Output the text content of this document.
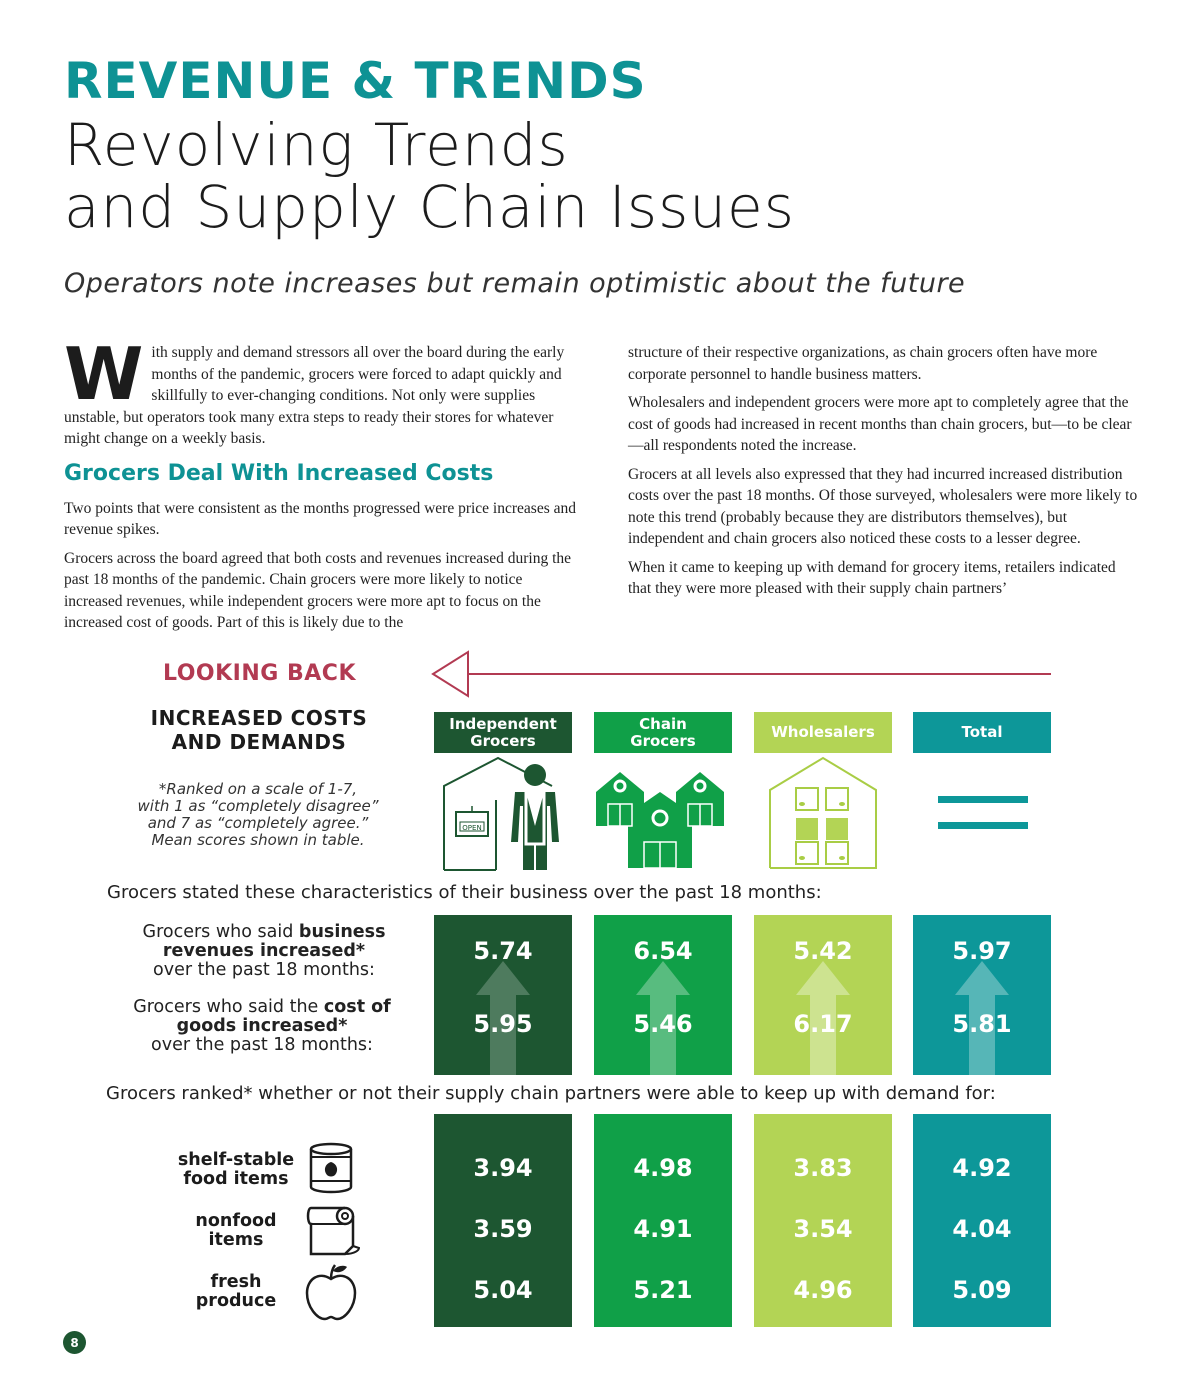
REVENUE & TRENDS
Revolving Trends
and Supply Chain Issues
Operators note increases but remain optimistic about the future

With supply and demand stressors all over the board during the early months of the pandemic, grocers were forced to adapt quickly and skillfully to ever-changing conditions. Not only were supplies unstable, but operators took many extra steps to ready their stores for whatever might change on a weekly basis.

Grocers Deal With Increased Costs

Two points that were consistent as the months progressed were price increases and revenue spikes.

Grocers across the board agreed that both costs and revenues increased during the past 18 months of the pandemic. Chain grocers were more likely to notice increased revenues, while independent grocers were more apt to focus on the increased cost of goods. Part of this is likely due to the

structure of their respective organizations, as chain grocers often have more corporate personnel to handle business matters.

Wholesalers and independent grocers were more apt to completely agree that the cost of goods had increased in recent months than chain grocers, but—to be clear—all respondents noted the increase.

Grocers at all levels also expressed that they had incurred increased distribution costs over the past 18 months. Of those surveyed, wholesalers were more likely to note this trend (probably because they are distributors themselves), but independent and chain grocers also noticed these costs to a lesser degree.

When it came to keeping up with demand for grocery items, retailers indicated that they were more pleased with their supply chain partners’

LOOKING BACK
INCREASED COSTS
AND DEMANDS
*Ranked on a scale of 1-7,
with 1 as “completely disagree”
and 7 as “completely agree.”
Mean scores shown in table.
Independent
Grocers
Chain
Grocers	Wholesalers	Total
OPEN
Grocers stated these characteristics of their business over the past 18 months:
Grocers who said business
revenues increased*
over the past 18 months:
Grocers who said the cost of
goods increased*
over the past 18 months:
5.74
5.95
6.54
5.46
5.42
6.17
5.97
5.81
Grocers ranked* whether or not their supply chain partners were able to keep up with demand for:
shelf-stable
food items
nonfood
items
fresh
produce
3.94
3.59
5.04
4.98
4.91
5.21
3.83
3.54
4.96
4.92
4.04
5.09
8
